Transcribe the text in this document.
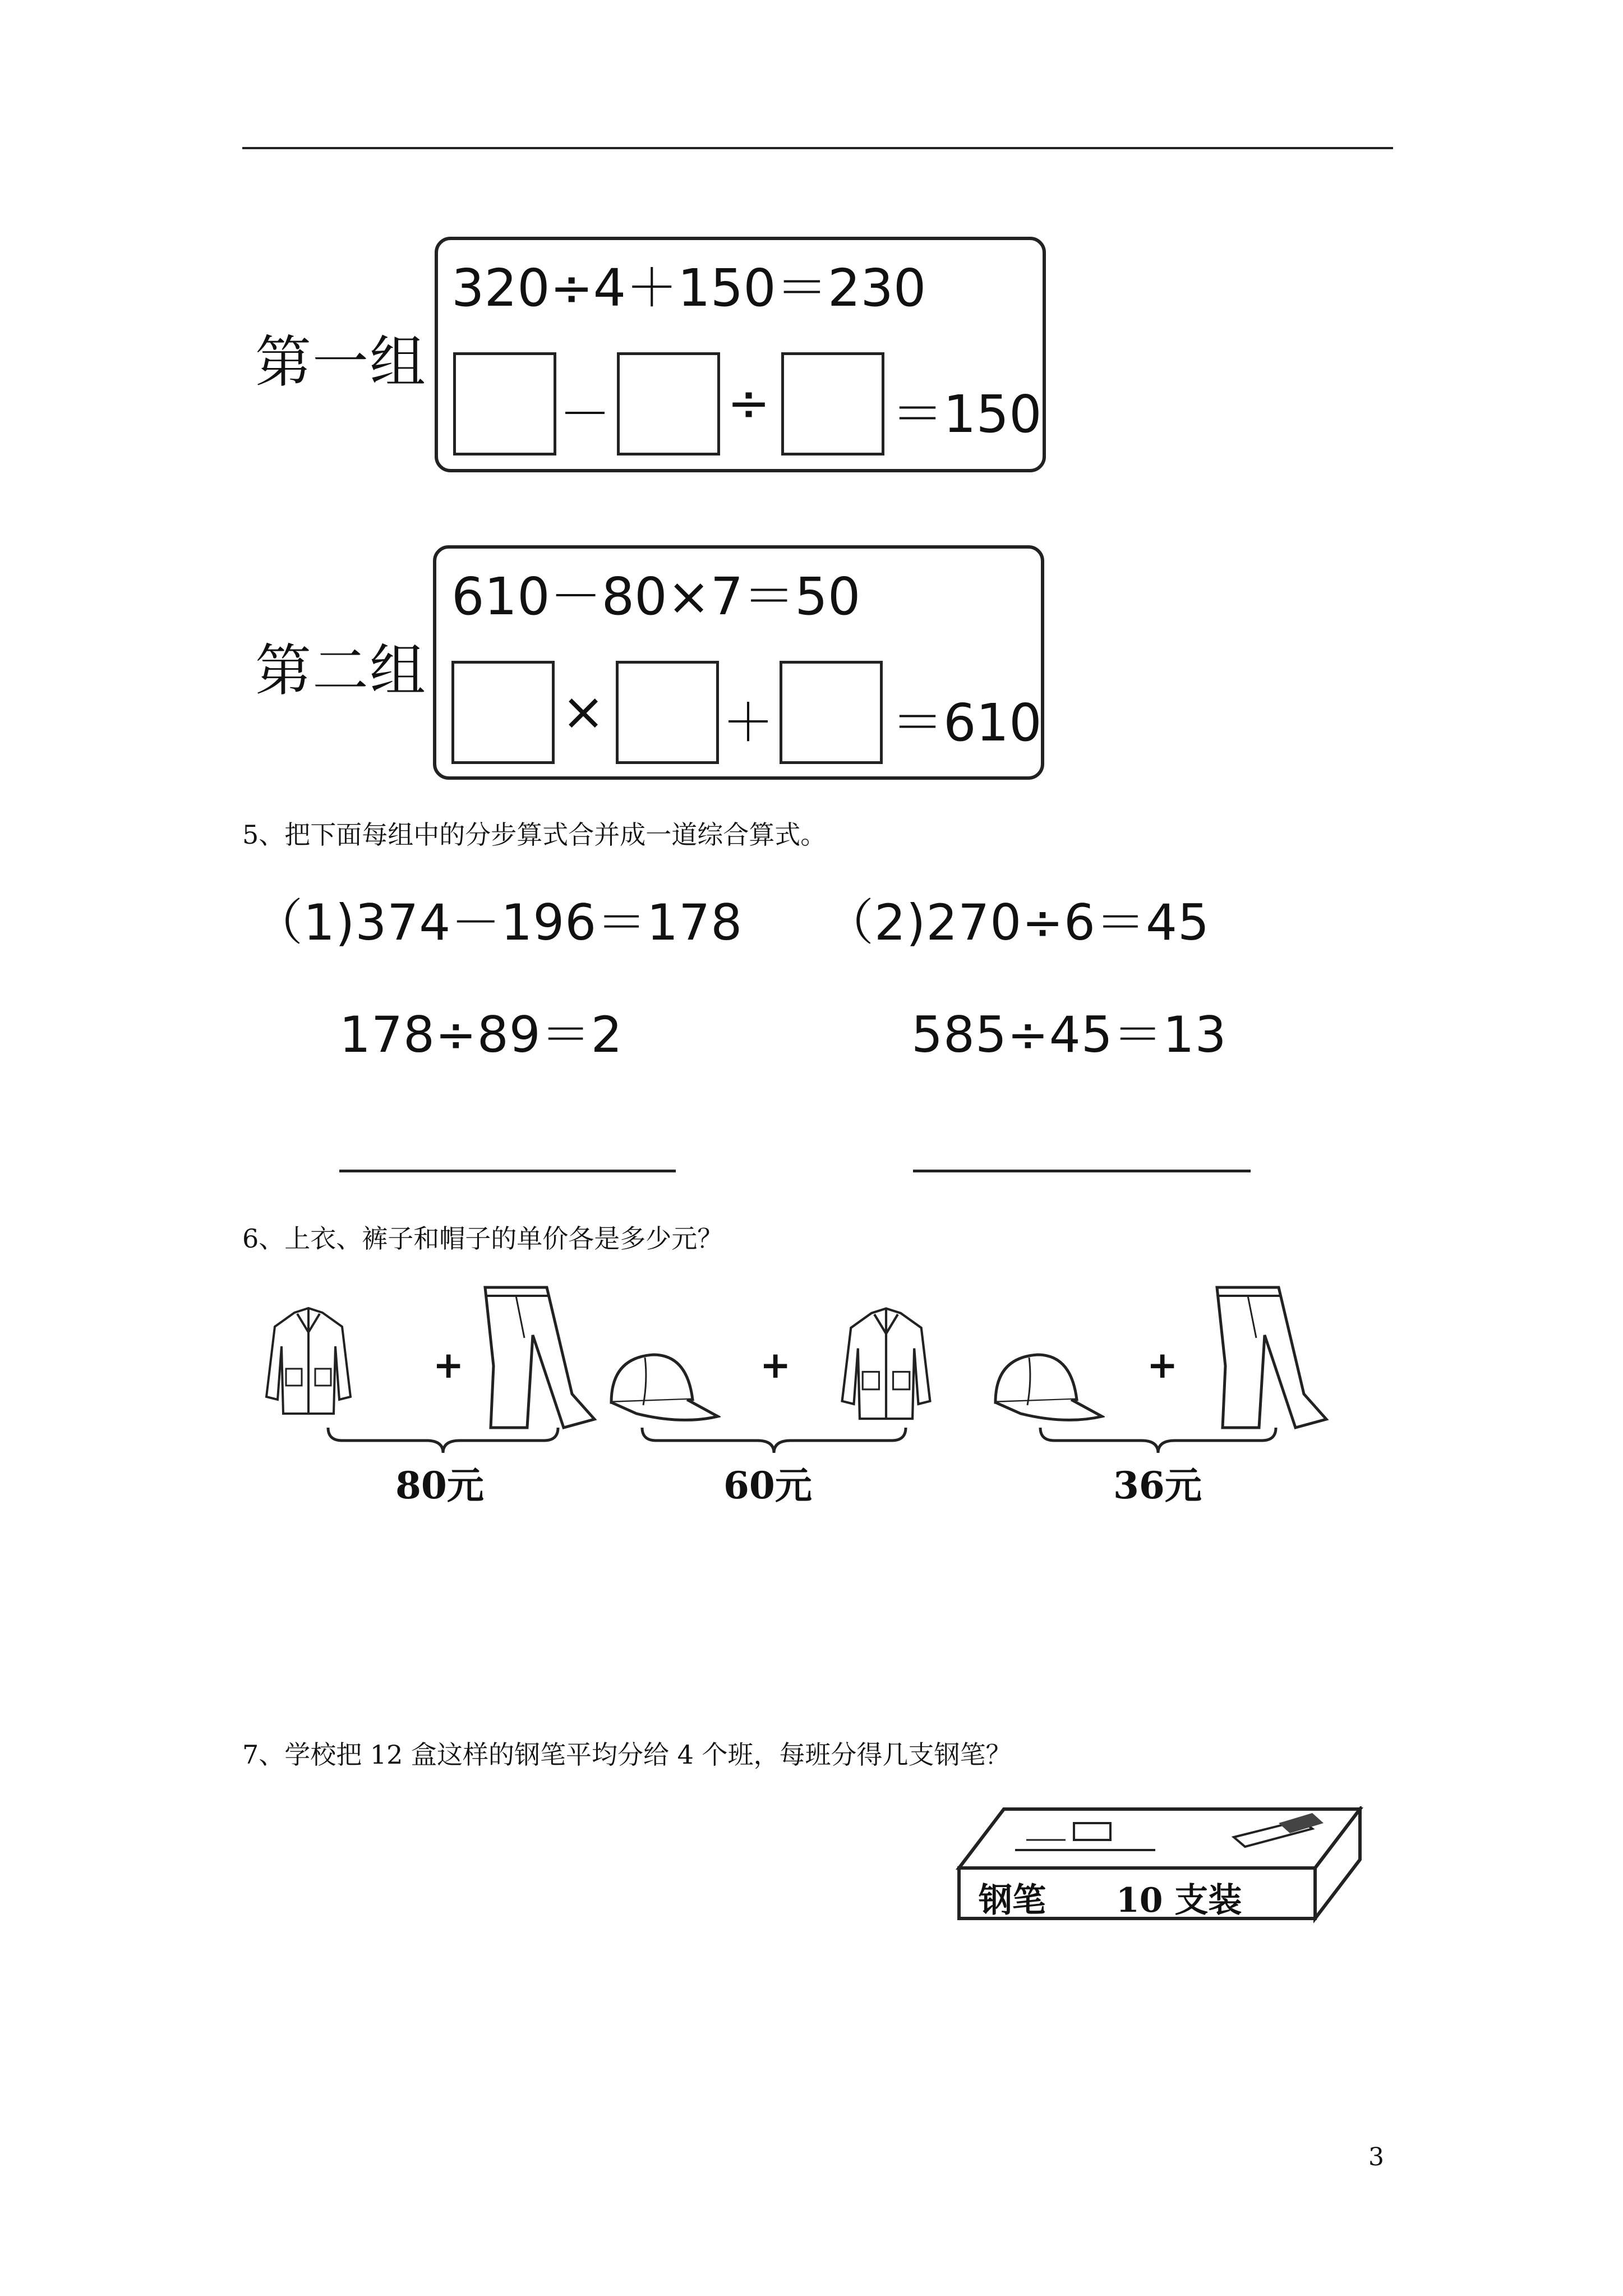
第一组
320÷4＋150＝230
－ ÷ ＝150
第二组
610－80×7＝50
× ＋ ＝610
5、把下面每组中的分步算式合并成一道综合算式。
（1)374－196＝178
178÷89＝2
（2)270÷6＝45
585÷45＝13
6、上衣、裤子和帽子的单价各是多少元？
+
80元
+
60元
+
36元
7、学校把 12 盒这样的钢笔平均分给 4 个班，每班分得几支钢笔？
钢笔 10 支装
3
